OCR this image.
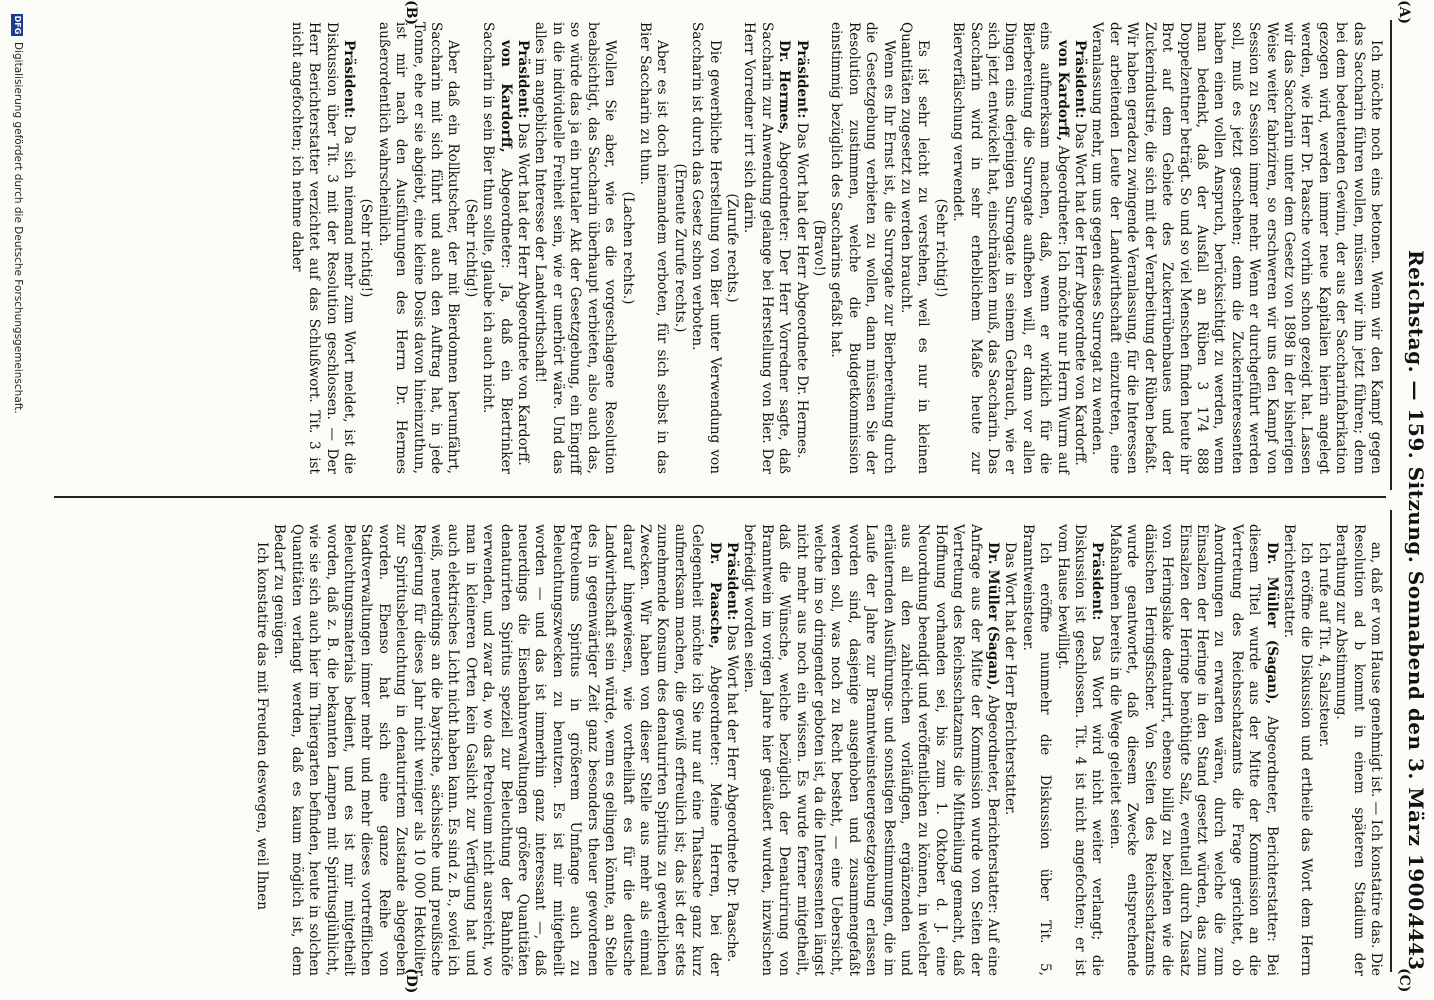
Reichstag. — 159. Sitzung. Sonnabend den 3. März 1900.
4443
(A)
(B)
(C)
(D)

Ich möchte noch eins betonen. Wenn wir den Kampf gegen das Saccharin führen wollen, müssen wir ihn jetzt führen; denn bei dem bedeutenden Gewinn, der aus der Saccharinfabrikation gezogen wird, werden immer neue Kapitalien hierin angelegt werden, wie Herr Dr. Paasche vorhin schon gezeigt hat. Lassen wir das Saccharin unter dem Gesetz von 1898 in der bisherigen Weise weiter fabriziren, so erschweren wir uns den Kampf von Session zu Session immer mehr. Wenn er durchgeführt werden soll, muß es jetzt geschehen; denn die Zuckerinteressenten haben einen vollen Anspruch, berücksichtigt zu werden, wenn man bedenkt, daß der Ausfall an Rüben 3 174 888 Doppelzentner beträgt. So und so viel Menschen finden heute ihr Brot auf dem Gebiete des Zuckerrübenbaues und der Zuckerindustrie, die sich mit der Verarbeitung der Rüben befaßt. Wir haben geradezu zwingende Veranlassung, für die Interessen der arbeitenden Leute der Landwirthschaft einzutreten, eine Veranlassung mehr, um uns gegen dieses Surrogat zu wenden.

Präsident: Das Wort hat der Herr Abgeordnete von Kardorff.

von Kardorff, Abgeordneter: Ich möchte nur Herrn Wurm auf eins aufmerksam machen, daß, wenn er wirklich für die Bierbereitung die Surrogate aufheben will, er dann vor allen Dingen eins derjenigen Surrogate in seinem Gebrauch, wie er sich jetzt entwickelt hat, einschränken muß, das Saccharin. Das Saccharin wird in sehr erheblichem Maße heute zur Bierverfälschung verwendet.

(Sehr richtig!)

Es ist sehr leicht zu verstehen, weil es nur in kleinen Quantitäten zugesetzt zu werden braucht.

Wenn es Ihr Ernst ist, die Surrogate zur Bierbereitung durch die Gesetzgebung verbieten zu wollen, dann müssen Sie der Resolution zustimmen, welche die Budgetkommission einstimmig bezüglich des Saccharins gefaßt hat.

(Bravo!)

Präsident: Das Wort hat der Herr Abgeordnete Dr. Hermes.

Dr. Hermes, Abgeordneter: Der Herr Vorredner sagte, daß Saccharin zur Anwendung gelange bei Herstellung von Bier. Der Herr Vorredner irrt sich darin.

(Zurufe rechts.)

Die gewerbliche Herstellung von Bier unter Verwendung von Saccharin ist durch das Gesetz schon verboten.

(Erneute Zurufe rechts.)

Aber es ist doch niemandem verboten, für sich selbst in das Bier Saccharin zu thun.

(Lachen rechts.)

Wollen Sie aber, wie es die vorgeschlagene Resolution beabsichtigt, das Saccharin überhaupt verbieten, also auch das, so würde das ja ein brutaler Akt der Gesetzgebung, ein Eingriff in die individuelle Freiheit sein, wie er unerhört wäre. Und das alles im angeblichen Interesse der Landwirthschaft!

Präsident: Das Wort hat der Herr Abgeordnete von Kardorff.

von Kardorff, Abgeordneter: Ja, daß ein Biertrinker Saccharin in sein Bier thun sollte, glaube ich auch nicht.

(Sehr richtig!)

Aber daß ein Rollkutscher, der mit Bierdonnen herumfährt, Saccharin mit sich führt und auch den Auftrag hat, in jede Tonne, ehe er sie abgiebt, eine kleine Dosis davon hineinzuthun, ist mir nach den Ausführungen des Herrn Dr. Hermes außerordentlich wahrscheinlich.

(Sehr richtig!)

Präsident: Da sich niemand mehr zum Wort meldet, ist die Diskussion über Tit. 3 mit der Resolution geschlossen. — Der Herr Berichterstatter verzichtet auf das Schlußwort. Tit. 3 ist nicht angefochten; ich nehme daher

an, daß er vom Hause genehmigt ist. — Ich konstatire das. Die Resolution ad b kommt in einem späteren Stadium der Berathung zur Abstimmung.

Ich rufe auf Tit. 4, Salzsteuer.

Ich eröffne die Diskussion und ertheile das Wort dem Herrn Berichterstatter.

Dr. Müller (Sagan), Abgeordneter, Berichterstatter: Bei diesem Titel wurde aus der Mitte der Kommission an die Vertretung des Reichsschatzamts die Frage gerichtet, ob Anordnungen zu erwarten wären, durch welche die zum Einsalzen der Heringe in den Stand gesetzt würden, das zum Einsalzen der Heringe benöthigte Salz, eventuell durch Zusatz von Heringslake denaturirt, ebenso billig zu beziehen wie die dänischen Heringsfischer. Von Seiten des Reichsschatzamts wurde geantwortet, daß diesem Zwecke entsprechende Maßnahmen bereits in die Wege geleitet seien.

Präsident: Das Wort wird nicht weiter verlangt; die Diskussion ist geschlossen. Tit. 4 ist nicht angefochten; er ist vom Hause bewilligt.

Ich eröffne nunmehr die Diskussion über Tit. 5, Branntweinsteuer.

Das Wort hat der Herr Berichterstatter.

Dr. Müller (Sagan), Abgeordneter, Berichterstatter: Auf eine Anfrage aus der Mitte der Kommission wurde von Seiten der Vertretung des Reichsschatzamts die Mittheilung gemacht, daß Hoffnung vorhanden sei, bis zum 1. Oktober d. J. eine Neuordnung beendigt und veröffentlichen zu können, in welcher aus all den zahlreichen vorläufigen, ergänzenden und erläuternden Ausführungs- und sonstigen Bestimmungen, die im Laufe der Jahre zur Branntweinsteuergesetzgebung erlassen worden sind, dasjenige ausgehoben und zusammengefaßt werden soll, was noch zu Recht besteht, — eine Uebersicht, welche im so dringender geboten ist, da die Interessenten längst nicht mehr aus noch ein wissen. Es wurde ferner mitgetheilt, daß die Wünsche, welche bezüglich der Denaturirung von Branntwein im vorigen Jahre hier geäußert wurden, inzwischen befriedigt worden seien.

Präsident: Das Wort hat der Herr Abgeordnete Dr. Paasche.

Dr. Paasche, Abgeordneter: Meine Herren, bei der Gelegenheit möchte ich Sie nur auf eine Thatsache ganz kurz aufmerksam machen, die gewiß erfreulich ist; das ist der stets zunehmende Konsum des denaturirten Spiritus zu gewerblichen Zwecken. Wir haben von dieser Stelle aus mehr als einmal darauf hingewiesen, wie vortheilhaft es für die deutsche Landwirthschaft sein würde, wenn es gelingen könnte, an Stelle des in gegenwärtiger Zeit ganz besonders theuer gewordenen Petroleums Spiritus in größerem Umfange auch zu Beleuchtungszwecken zu benutzen. Es ist mir mitgetheilt worden — und das ist immerhin ganz interessant —, daß neuerdings die Eisenbahnverwaltungen größere Quantitäten denaturirten Spiritus speziell zur Beleuchtung der Bahnhöfe verwenden, und zwar da, wo das Petroleum nicht ausreicht, wo man in kleineren Orten kein Gaslicht zur Verfügung hat und auch elektrisches Licht nicht haben kann. Es sind z. B., soviel ich weiß, neuerdings an die bayrische, sächsische und preußische Regierung für dieses Jahr nicht weniger als 10 000 Hektoliter zur Spiritusbeleuchtung in denaturirtem Zustande abgegeben worden. Ebenso hat sich eine ganze Reihe von Stadtverwaltungen immer mehr und mehr dieses vortrefflichen Beleuchtungsmaterials bedient, und es ist mir mitgetheilt worden, daß z. B. die bekannten Lampen mit Spiritusglühlicht, wie sie sich auch hier im Thiergarten befinden, heute in solchen Quantitäten verlangt werden, daß es kaum möglich ist, dem Bedarf zu genügen.

Ich konstatire das mit Freuden deswegen, weil Ihnen

DFG
Digitalisierung gefördert durch die Deutsche Forschungsgemeinschaft.
